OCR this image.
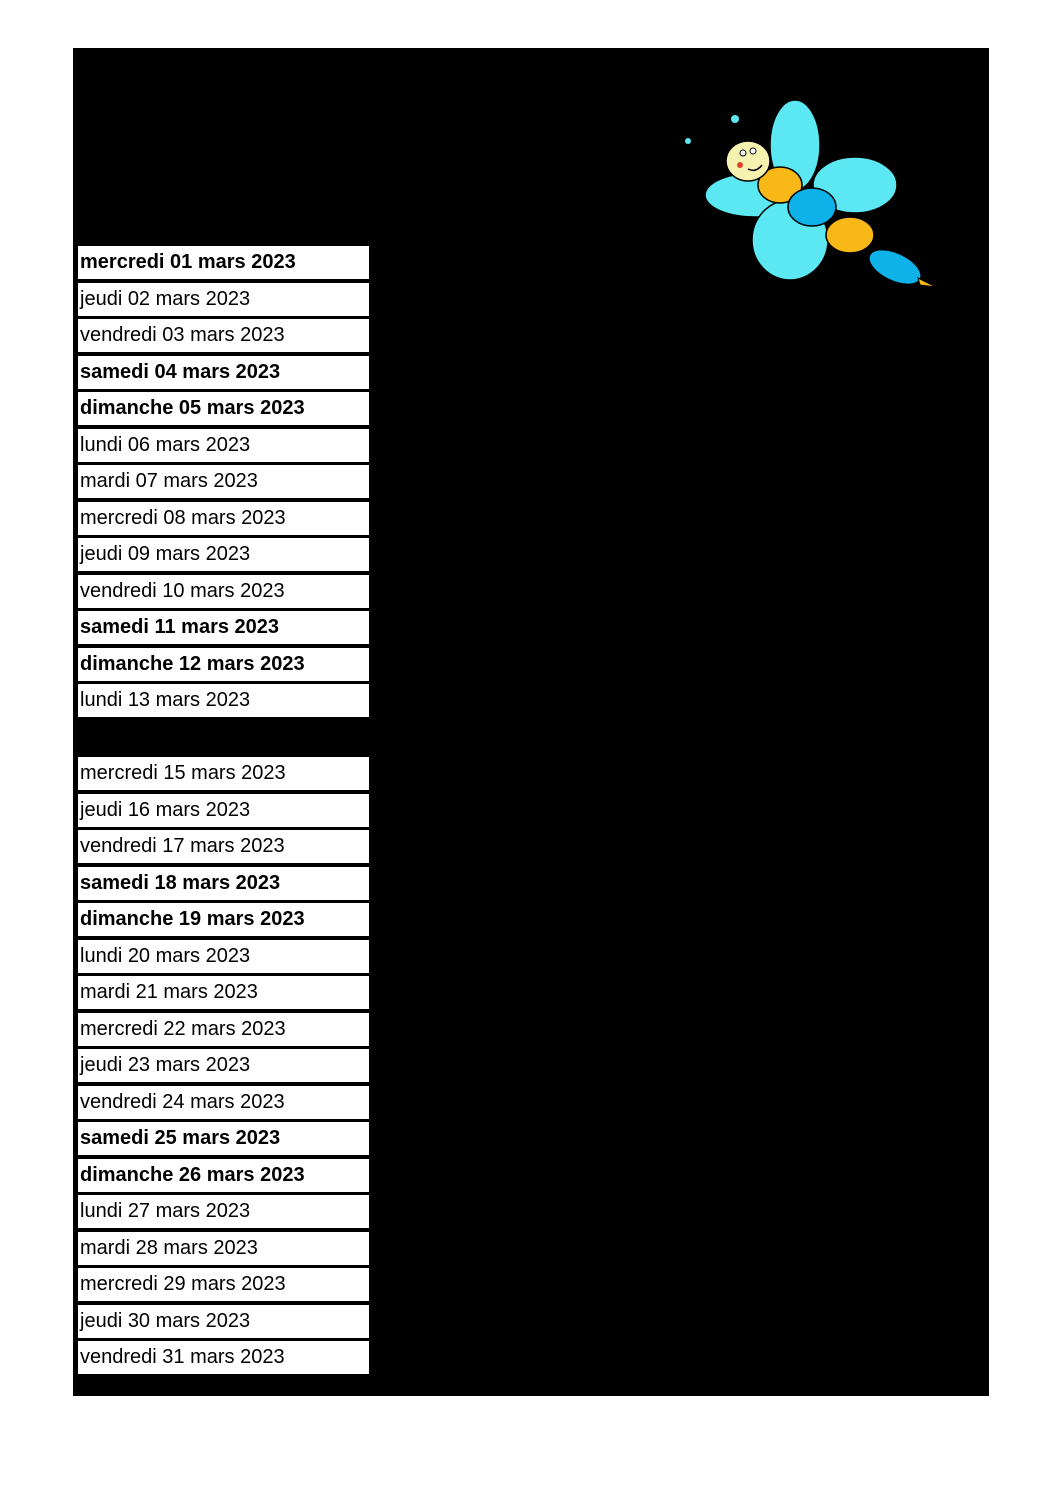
Les Libellules
mercredi 01 mars 2023
jeudi 02 mars 2023
vendredi 03 mars 2023
samedi 04 mars 2023
dimanche 05 mars 2023
lundi 06 mars 2023
mardi 07 mars 2023
mercredi 08 mars 2023
jeudi 09 mars 2023
vendredi 10 mars 2023
samedi 11 mars 2023
dimanche 12 mars 2023
lundi 13 mars 2023
mercredi 15 mars 2023
jeudi 16 mars 2023
vendredi 17 mars 2023
samedi 18 mars 2023
dimanche 19 mars 2023
lundi 20 mars 2023
mardi 21 mars 2023
mercredi 22 mars 2023
jeudi 23 mars 2023
vendredi 24 mars 2023
samedi 25 mars 2023
dimanche 26 mars 2023
lundi 27 mars 2023
mardi 28 mars 2023
mercredi 29 mars 2023
jeudi 30 mars 2023
vendredi 31 mars 2023
